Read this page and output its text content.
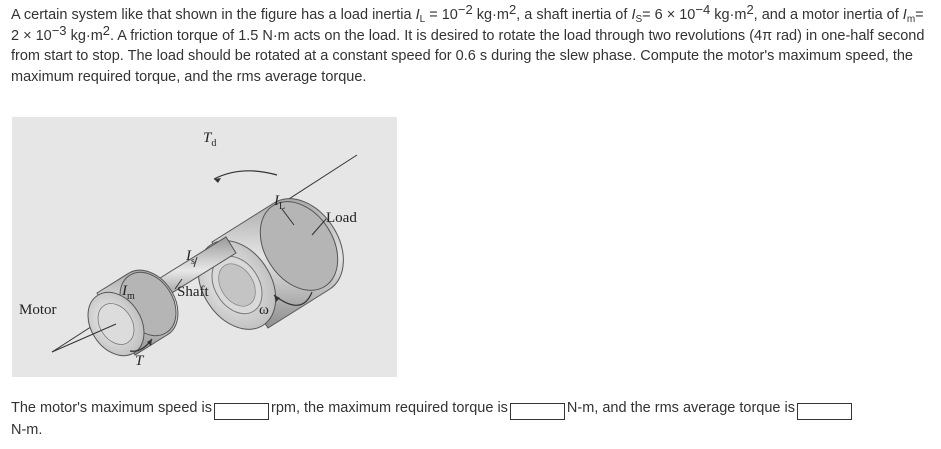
A certain system like that shown in the figure has a load inertia $I_L = 10^{-2}$ $kg\cdot m^2$, a shaft inertia of $I_S= 6 \times 10^{-4}$ $kg\cdot m^2$, and a motor inertia of $I_m= 2 \times 10^{-3}$ $kg\cdot m^2$. A friction torque of 1.5 N·m acts on the load. It is desired to rotate the load through two revolutions (4π rad) in one-half second from start to stop. The load should be rotated at a constant speed for 0.6 s during the slew phase. Compute the motor's maximum speed, the maximum required torque, and the rms average torque.
$T_d$
$I_L$
Load
$I_s$
$I_m$	Shaft
ω
T
Motor
The motor's maximum speed is	rpm, the maximum required torque is	N-m, and the rms average torque is
N-m.
